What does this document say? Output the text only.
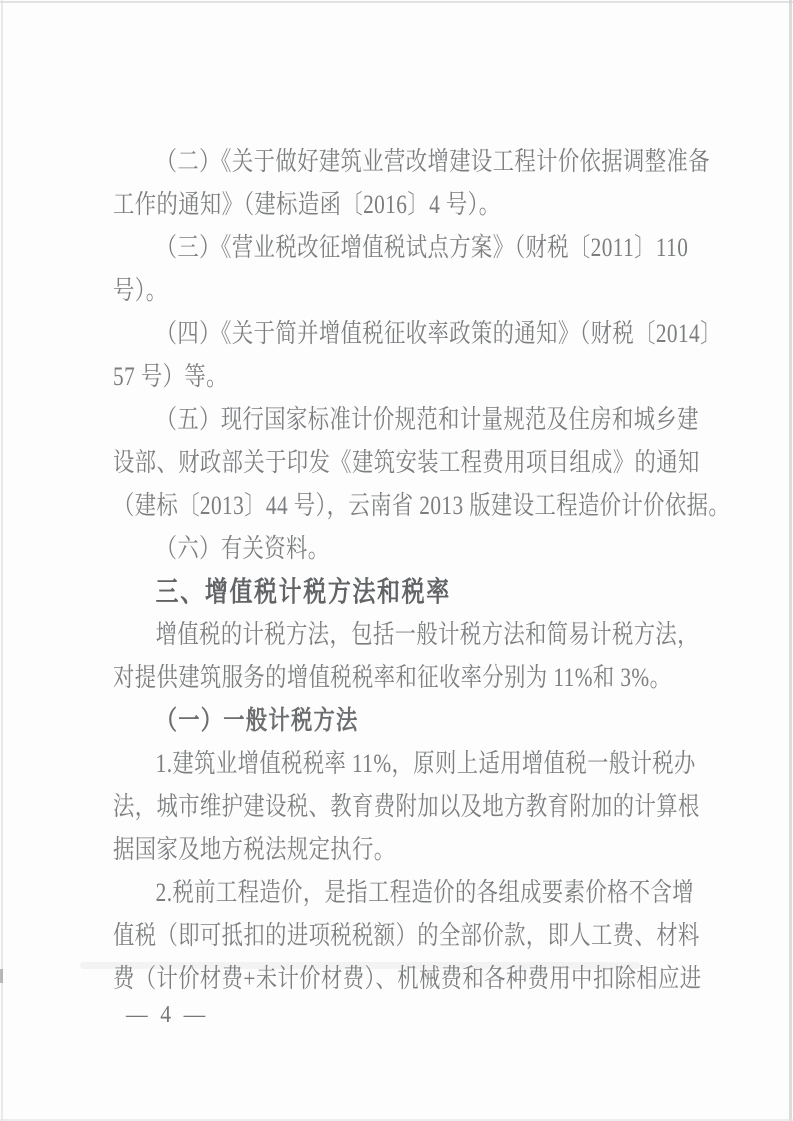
（二）《关于做好建筑业营改增建设工程计价依据调整准备
工作的通知》（建标造函〔2016〕4 号）。
（三）《营业税改征增值税试点方案》（财税〔2011〕110
号）。
（四）《关于简并增值税征收率政策的通知》（财税〔2014〕
57 号）等。
（五）现行国家标准计价规范和计量规范及住房和城乡建
设部、财政部关于印发《建筑安装工程费用项目组成》的通知
（建标〔2013〕44 号），云南省 2013 版建设工程造价计价依据。
（六）有关资料。
三、增值税计税方法和税率
增值税的计税方法，包括一般计税方法和简易计税方法，
对提供建筑服务的增值税税率和征收率分别为 11%和 3%。
（一）一般计税方法
1.建筑业增值税税率 11%，原则上适用增值税一般计税办
法，城市维护建设税、教育费附加以及地方教育附加的计算根
据国家及地方税法规定执行。
2.税前工程造价，是指工程造价的各组成要素价格不含增
值税（即可抵扣的进项税税额）的全部价款，即人工费、材料
费（计价材费+未计价材费）、机械费和各种费用中扣除相应进
— 4 —
